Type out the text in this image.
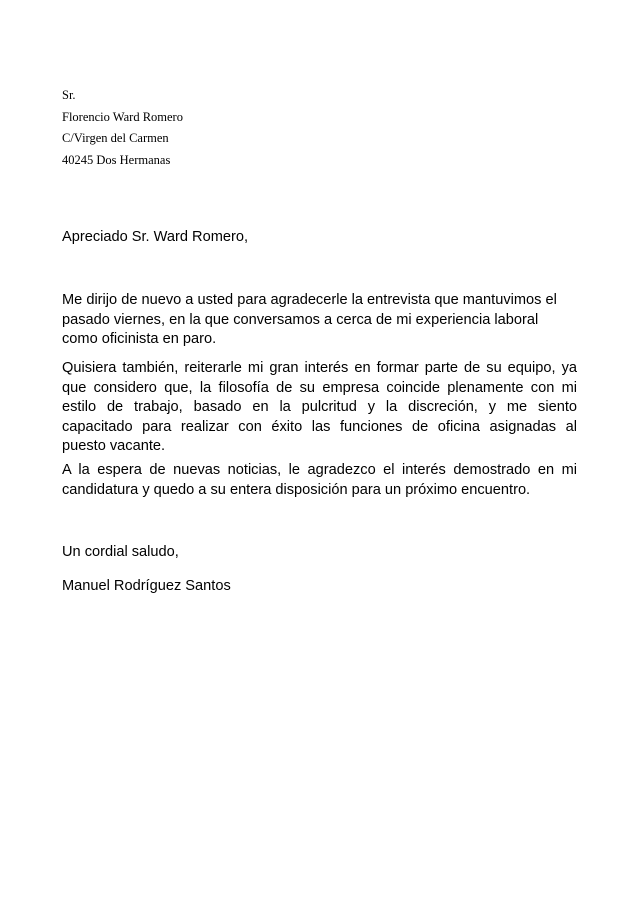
Sr.
Florencio Ward Romero
C/Virgen del Carmen
40245 Dos Hermanas
Apreciado Sr. Ward Romero,
Me dirijo de nuevo a usted para agradecerle la entrevista que mantuvimos el
pasado viernes, en la que conversamos a cerca de mi experiencia laboral
como oficinista en paro.
Quisiera también, reiterarle mi gran interés en formar parte de su equipo, ya
que considero que, la filosofía de su empresa coincide plenamente con mi
estilo de trabajo, basado en la pulcritud y la discreción, y me siento
capacitado para realizar con éxito las funciones de oficina asignadas al
puesto vacante.
A la espera de nuevas noticias, le agradezco el interés demostrado en mi
candidatura y quedo a su entera disposición para un próximo encuentro.
Un cordial saludo,
Manuel Rodríguez Santos
